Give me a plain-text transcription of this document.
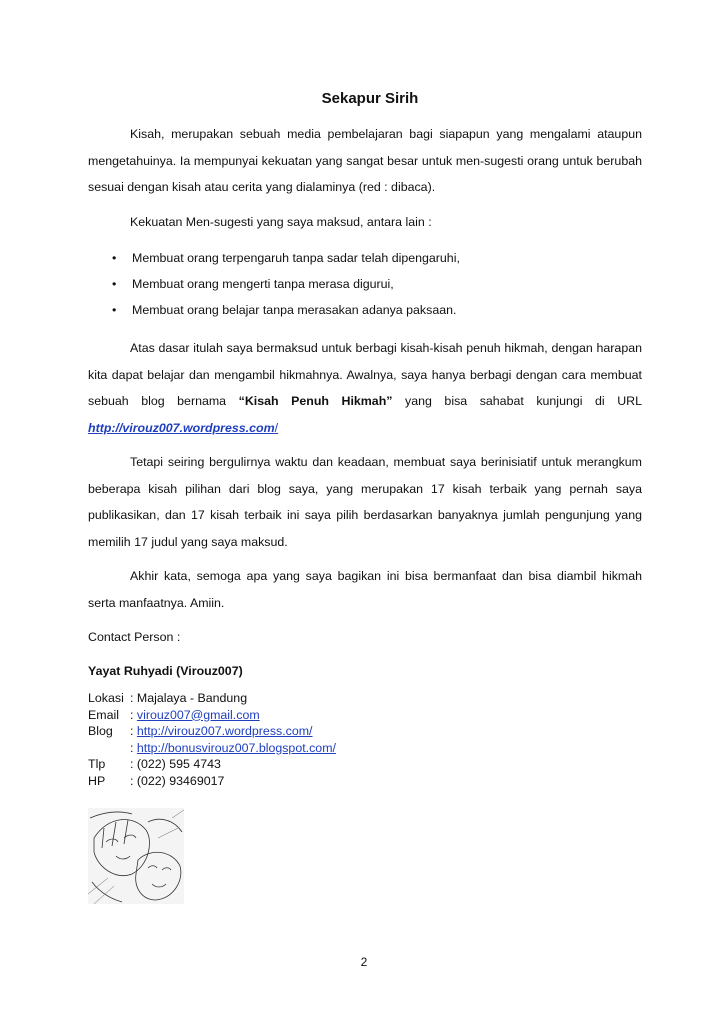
Sekapur Sirih

Kisah, merupakan sebuah media pembelajaran bagi siapapun yang mengalami ataupun mengetahuinya. Ia mempunyai kekuatan yang sangat besar untuk men-sugesti orang untuk berubah sesuai dengan kisah atau cerita yang dialaminya (red : dibaca).

Kekuatan Men-sugesti yang saya maksud, antara lain :

• Membuat orang terpengaruh tanpa sadar telah dipengaruhi,
• Membuat orang mengerti tanpa merasa digurui,
• Membuat orang belajar tanpa merasakan adanya paksaan.

Atas dasar itulah saya bermaksud untuk berbagi kisah-kisah penuh hikmah, dengan harapan kita dapat belajar dan mengambil hikmahnya. Awalnya, saya hanya berbagi dengan cara membuat sebuah blog bernama “Kisah Penuh Hikmah” yang bisa sahabat kunjungi di URL http://virouz007.wordpress.com/

Tetapi seiring bergulirnya waktu dan keadaan, membuat saya berinisiatif untuk merangkum beberapa kisah pilihan dari blog saya, yang merupakan 17 kisah terbaik yang pernah saya publikasikan, dan 17 kisah terbaik ini saya pilih berdasarkan banyaknya jumlah pengunjung yang memilih 17 judul yang saya maksud.

Akhir kata, semoga apa yang saya bagikan ini bisa bermanfaat dan bisa diambil hikmah serta manfaatnya. Amiin.

Contact Person :
Yayat Ruhyadi (Virouz007)
Lokasi	: Majalaya - Bandung
Email	: virouz007@gmail.com
Blog	: http://virouz007.wordpress.com/
	: http://bonusvirouz007.blogspot.com/
Tlp	: (022) 595 4743
HP	: (022) 93469017
2
